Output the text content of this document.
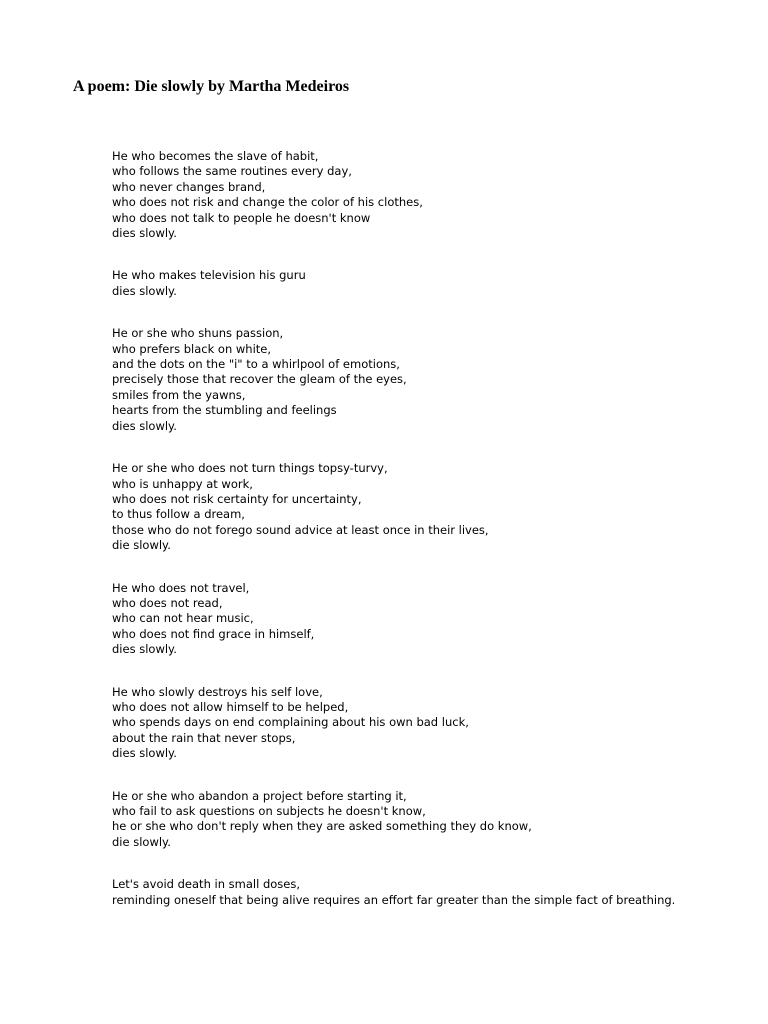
A poem: Die slowly by Martha Medeiros
He who becomes the slave of habit,
who follows the same routines every day,
who never changes brand,
who does not risk and change the color of his clothes,
who does not talk to people he doesn't know
dies slowly.
He who makes television his guru
dies slowly.
He or she who shuns passion,
who prefers black on white,
and the dots on the "i" to a whirlpool of emotions,
precisely those that recover the gleam of the eyes,
smiles from the yawns,
hearts from the stumbling and feelings
dies slowly.
He or she who does not turn things topsy-turvy,
who is unhappy at work,
who does not risk certainty for uncertainty,
to thus follow a dream,
those who do not forego sound advice at least once in their lives,
die slowly.
He who does not travel,
who does not read,
who can not hear music,
who does not find grace in himself,
dies slowly.
He who slowly destroys his self love,
who does not allow himself to be helped,
who spends days on end complaining about his own bad luck,
about the rain that never stops,
dies slowly.
He or she who abandon a project before starting it,
who fail to ask questions on subjects he doesn't know,
he or she who don't reply when they are asked something they do know,
die slowly.
Let's avoid death in small doses,
reminding oneself that being alive requires an effort far greater than the simple fact of breathing.
